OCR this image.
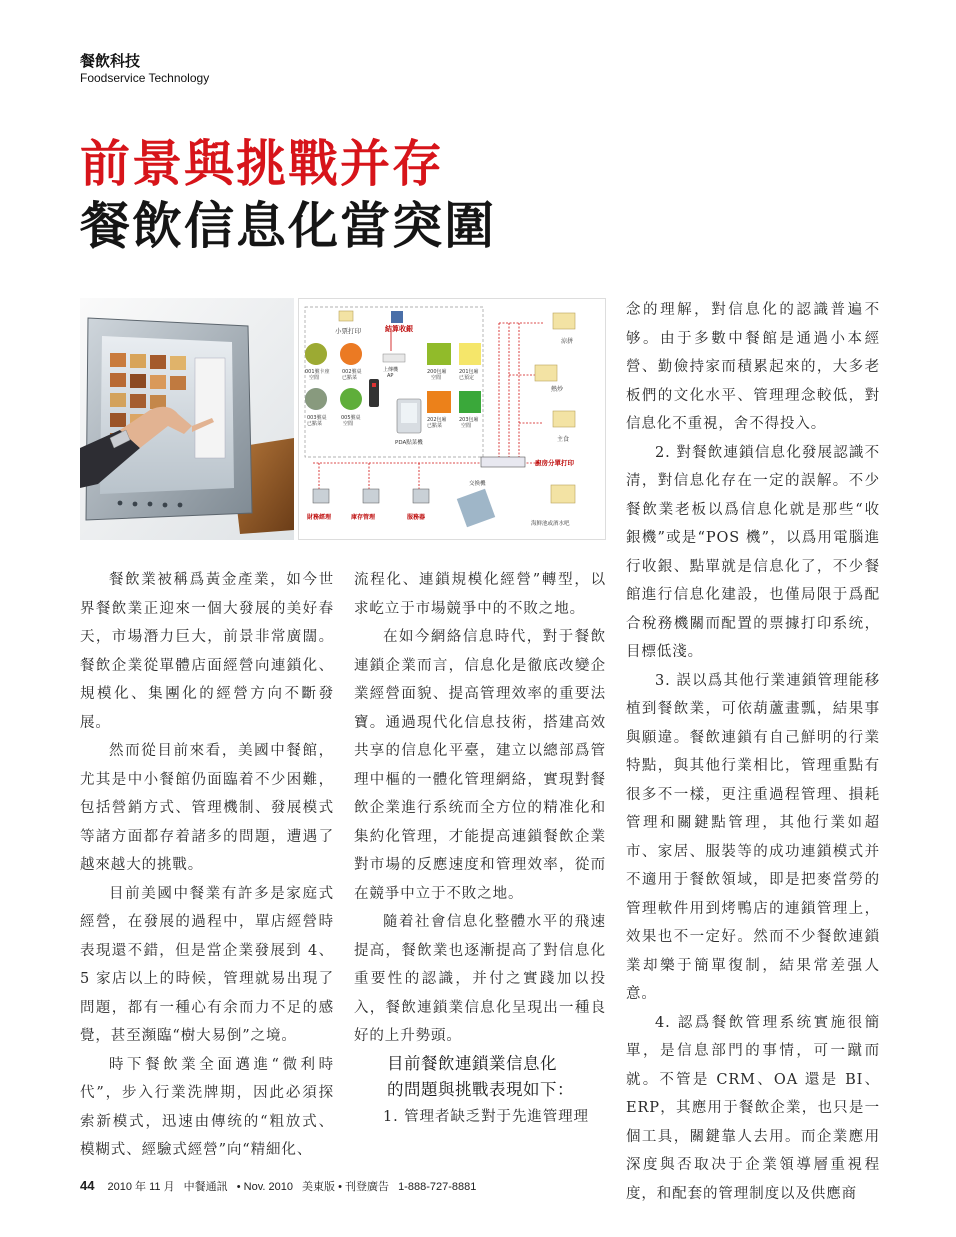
餐飲科技
Foodservice Technology
前景與挑戰并存
餐飲信息化當突圍
小票打印	結算收銀
001號卡座
空閒
002號桌
已點菜
003號桌
已點菜
005號桌
空閒
上傳機
AP
PDA點菜機
200包廂
空閒
201包廂
已預定
202包廂
已點菜
203包廂
空閒
涼拼
熱炒
主食
廚房分單打印
交換機
海鮮池或酒水吧
財務經理	庫存管理	服務器

餐飲業被稱爲黃金產業，如今世界餐飲業正迎來一個大發展的美好春天，市場潛力巨大，前景非常廣闊。餐飲企業從單體店面經營向連鎖化、規模化、集團化的經營方向不斷發展。

然而從目前來看，美國中餐館，尤其是中小餐館仍面臨着不少困難，包括營銷方式、管理機制、發展模式等諸方面都存着諸多的問題，遭遇了越來越大的挑戰。

目前美國中餐業有許多是家庭式經營，在發展的過程中，單店經營時表現還不錯，但是當企業發展到 4、5 家店以上的時候，管理就易出現了問題，都有一種心有余而力不足的感覺，甚至瀕臨“樹大易倒”之境。

時下餐飲業全面邁進“微利時代”，步入行業洗牌期，因此必須探索新模式，迅速由傳统的“粗放式、模糊式、經驗式經營”向“精細化、

流程化、連鎖規模化經營”轉型，以求屹立于市場競爭中的不敗之地。

在如今網絡信息時代，對于餐飲連鎖企業而言，信息化是徹底改變企業經營面貌、提高管理效率的重要法寶。通過現代化信息技術，搭建高效共享的信息化平臺，建立以總部爲管理中樞的一體化管理網絡，實現對餐飲企業進行系统而全方位的精准化和集約化管理，才能提高連鎖餐飲企業對市場的反應速度和管理效率，從而在競爭中立于不敗之地。

隨着社會信息化整體水平的飛速提高，餐飲業也逐漸提高了對信息化重要性的認識，并付之實踐加以投入，餐飲連鎖業信息化呈現出一種良好的上升勢頭。

目前餐飲連鎖業信息化

的問題與挑戰表現如下：

1. 管理者缺乏對于先進管理理

念的理解，對信息化的認識普遍不够。由于多數中餐館是通過小本經營、勤儉持家而積累起來的，大多老板們的文化水平、管理理念較低，對信息化不重視，舍不得投入。

2. 對餐飲連鎖信息化發展認識不清，對信息化存在一定的誤解。不少餐飲業老板以爲信息化就是那些“收銀機”或是“POS 機”，以爲用電腦進行收銀、點單就是信息化了，不少餐館進行信息化建設，也僅局限于爲配合稅務機關而配置的票據打印系统，目標低淺。

3. 誤以爲其他行業連鎖管理能移植到餐飲業，可依葫蘆畫瓢，結果事與願違。餐飲連鎖有自己鮮明的行業特點，與其他行業相比，管理重點有很多不一樣，更注重過程管理、損耗管理和關鍵點管理，其他行業如超市、家居、服裝等的成功連鎖模式并不適用于餐飲領域，即是把麥當勞的管理軟件用到烤鴨店的連鎖管理上，效果也不一定好。然而不少餐飲連鎖業却樂于簡單復制，結果常差强人意。

4. 認爲餐飲管理系统實施很簡單，是信息部門的事情，可一蹴而就。不管是 CRM、OA 還是 BI、ERP，其應用于餐飲企業，也只是一個工具，關鍵靠人去用。而企業應用深度與否取决于企業領導層重視程度，和配套的管理制度以及供應商

44 2010 年 11 月 中餐通訊 • Nov. 2010 美東版 • 刊登廣告 1-888-727-8881
